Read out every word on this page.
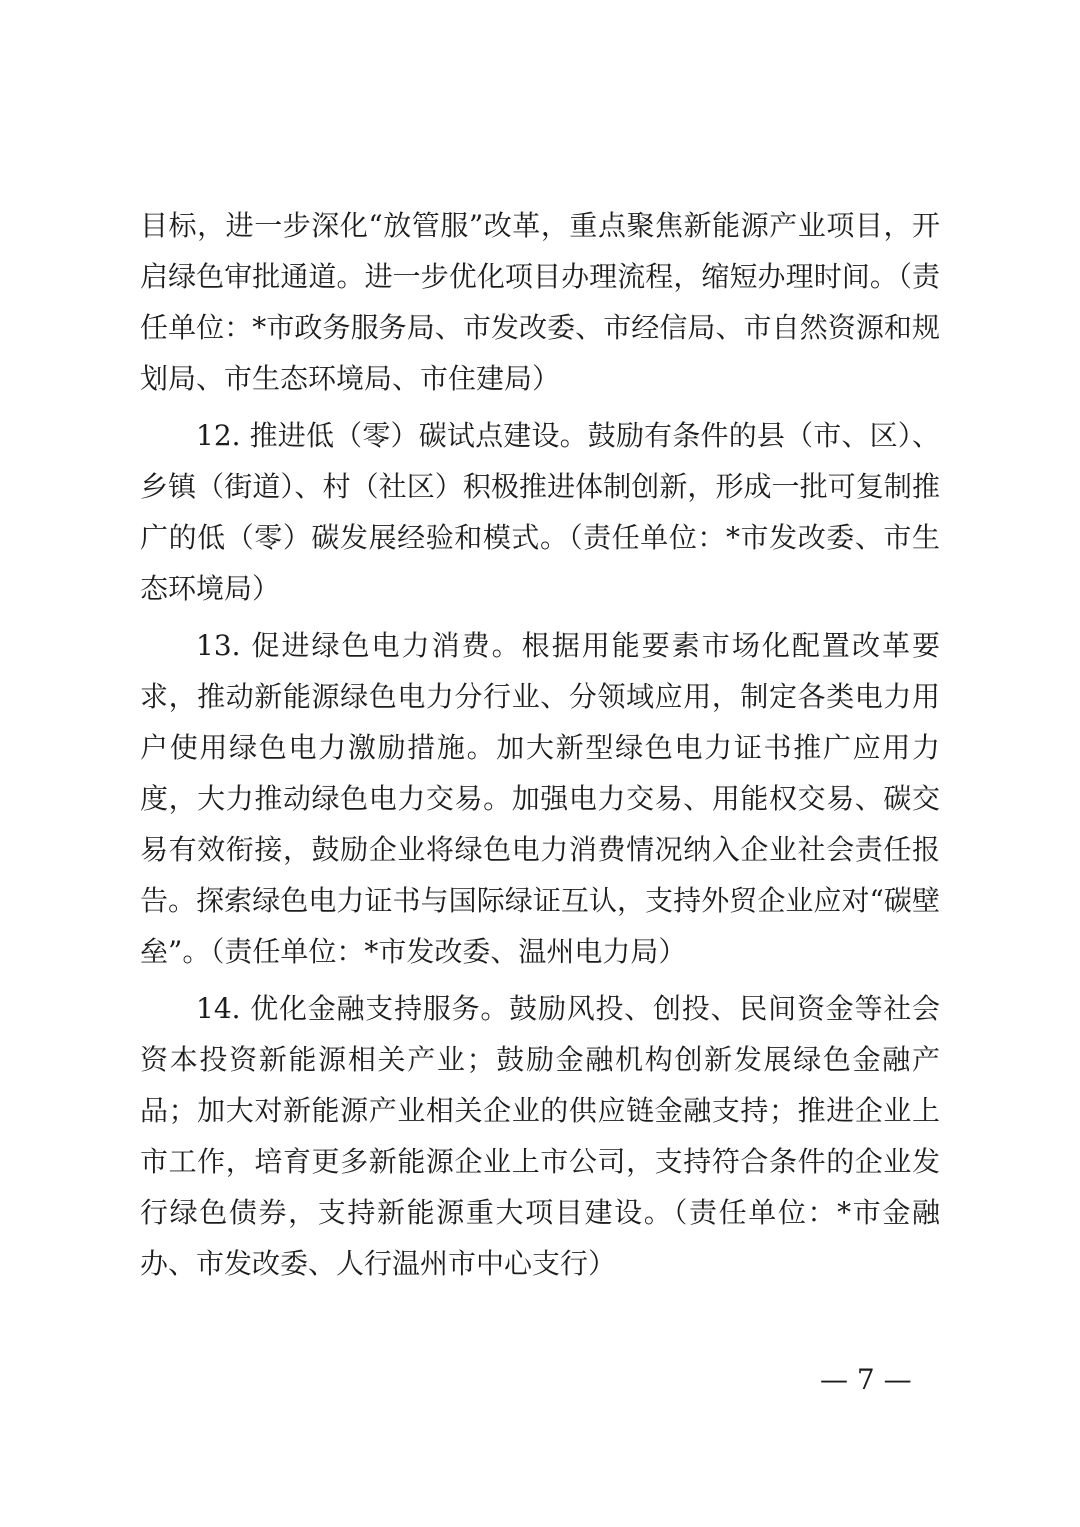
目标，进一步深化“放管服”改革，重点聚焦新能源产业项目，开启绿色审批通道。进一步优化项目办理流程，缩短办理时间。（责任单位：*市政务服务局、市发改委、市经信局、市自然资源和规划局、市生态环境局、市住建局）

12. 推进低（零）碳试点建设。鼓励有条件的县（市、区）、乡镇（街道）、村（社区）积极推进体制创新，形成一批可复制推广的低（零）碳发展经验和模式。（责任单位：*市发改委、市生态环境局）

13. 促进绿色电力消费。根据用能要素市场化配置改革要求，推动新能源绿色电力分行业、分领域应用，制定各类电力用户使用绿色电力激励措施。加大新型绿色电力证书推广应用力度，大力推动绿色电力交易。加强电力交易、用能权交易、碳交易有效衔接，鼓励企业将绿色电力消费情况纳入企业社会责任报告。探索绿色电力证书与国际绿证互认，支持外贸企业应对“碳壁垒”。（责任单位：*市发改委、温州电力局）

14. 优化金融支持服务。鼓励风投、创投、民间资金等社会资本投资新能源相关产业；鼓励金融机构创新发展绿色金融产品；加大对新能源产业相关企业的供应链金融支持；推进企业上市工作，培育更多新能源企业上市公司，支持符合条件的企业发行绿色债券，支持新能源重大项目建设。（责任单位：*市金融办、市发改委、人行温州市中心支行）

— 7 —
